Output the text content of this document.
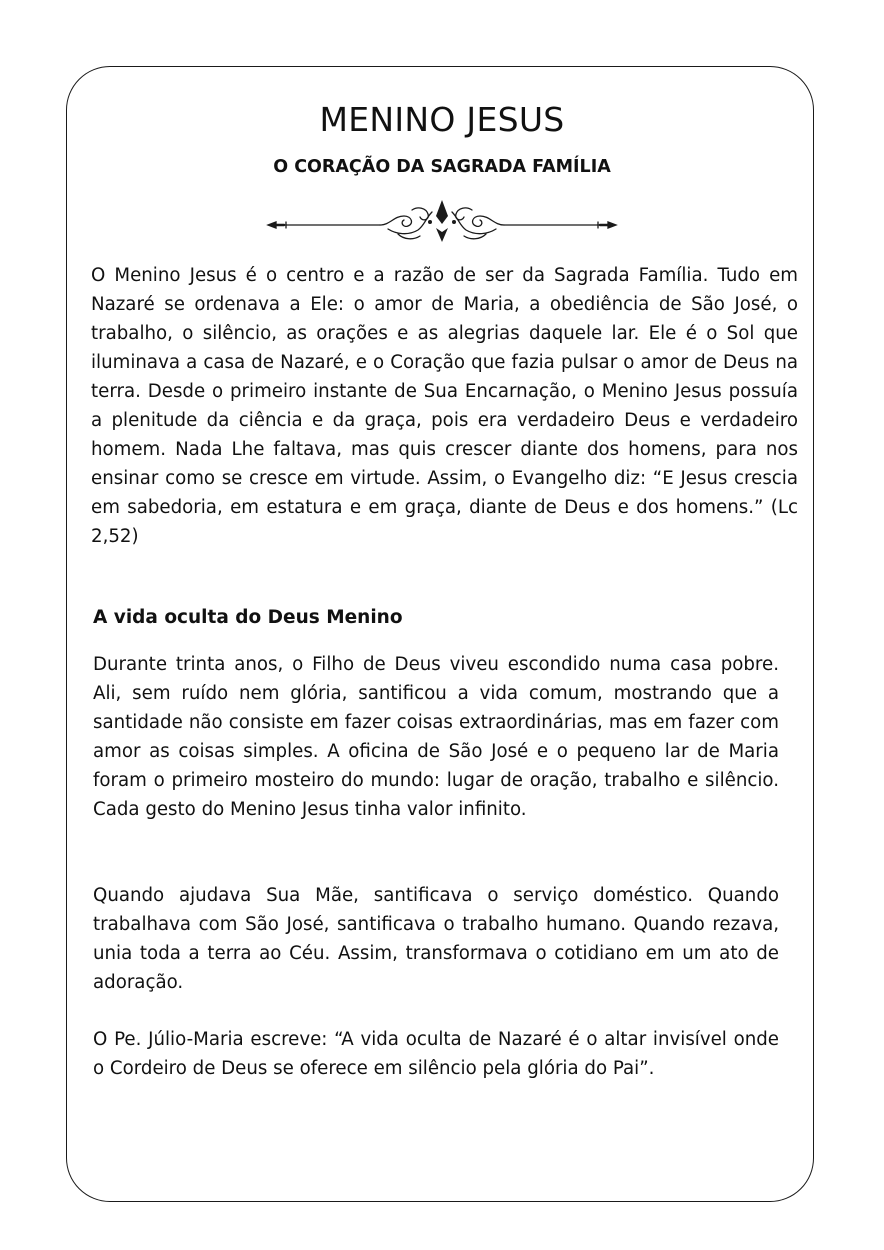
MENINO JESUS
O CORAÇÃO DA SAGRADA FAMÍLIA

O Menino Jesus é o centro e a razão de ser da Sagrada Família. Tudo em Nazaré se ordenava a Ele: o amor de Maria, a obediência de São José, o trabalho, o silêncio, as orações e as alegrias daquele lar. Ele é o Sol que iluminava a casa de Nazaré, e o Coração que fazia pulsar o amor de Deus na terra. Desde o primeiro instante de Sua Encarnação, o Menino Jesus possuía a plenitude da ciência e da graça, pois era verdadeiro Deus e verdadeiro homem. Nada Lhe faltava, mas quis crescer diante dos homens, para nos ensinar como se cresce em virtude. Assim, o Evangelho diz: “E Jesus crescia em sabedoria, em estatura e em graça, diante de Deus e dos homens.” (Lc 2,52)

A vida oculta do Deus Menino

Durante trinta anos, o Filho de Deus viveu escondido numa casa pobre. Ali, sem ruído nem glória, santificou a vida comum, mostrando que a santidade não consiste em fazer coisas extraordinárias, mas em fazer com amor as coisas simples. A oficina de São José e o pequeno lar de Maria foram o primeiro mosteiro do mundo: lugar de oração, trabalho e silêncio. Cada gesto do Menino Jesus tinha valor infinito.

Quando ajudava Sua Mãe, santificava o serviço doméstico. Quando trabalhava com São José, santificava o trabalho humano. Quando rezava, unia toda a terra ao Céu. Assim, transformava o cotidiano em um ato de adoração.

O Pe. Júlio-Maria escreve: “A vida oculta de Nazaré é o altar invisível onde o Cordeiro de Deus se oferece em silêncio pela glória do Pai”.
